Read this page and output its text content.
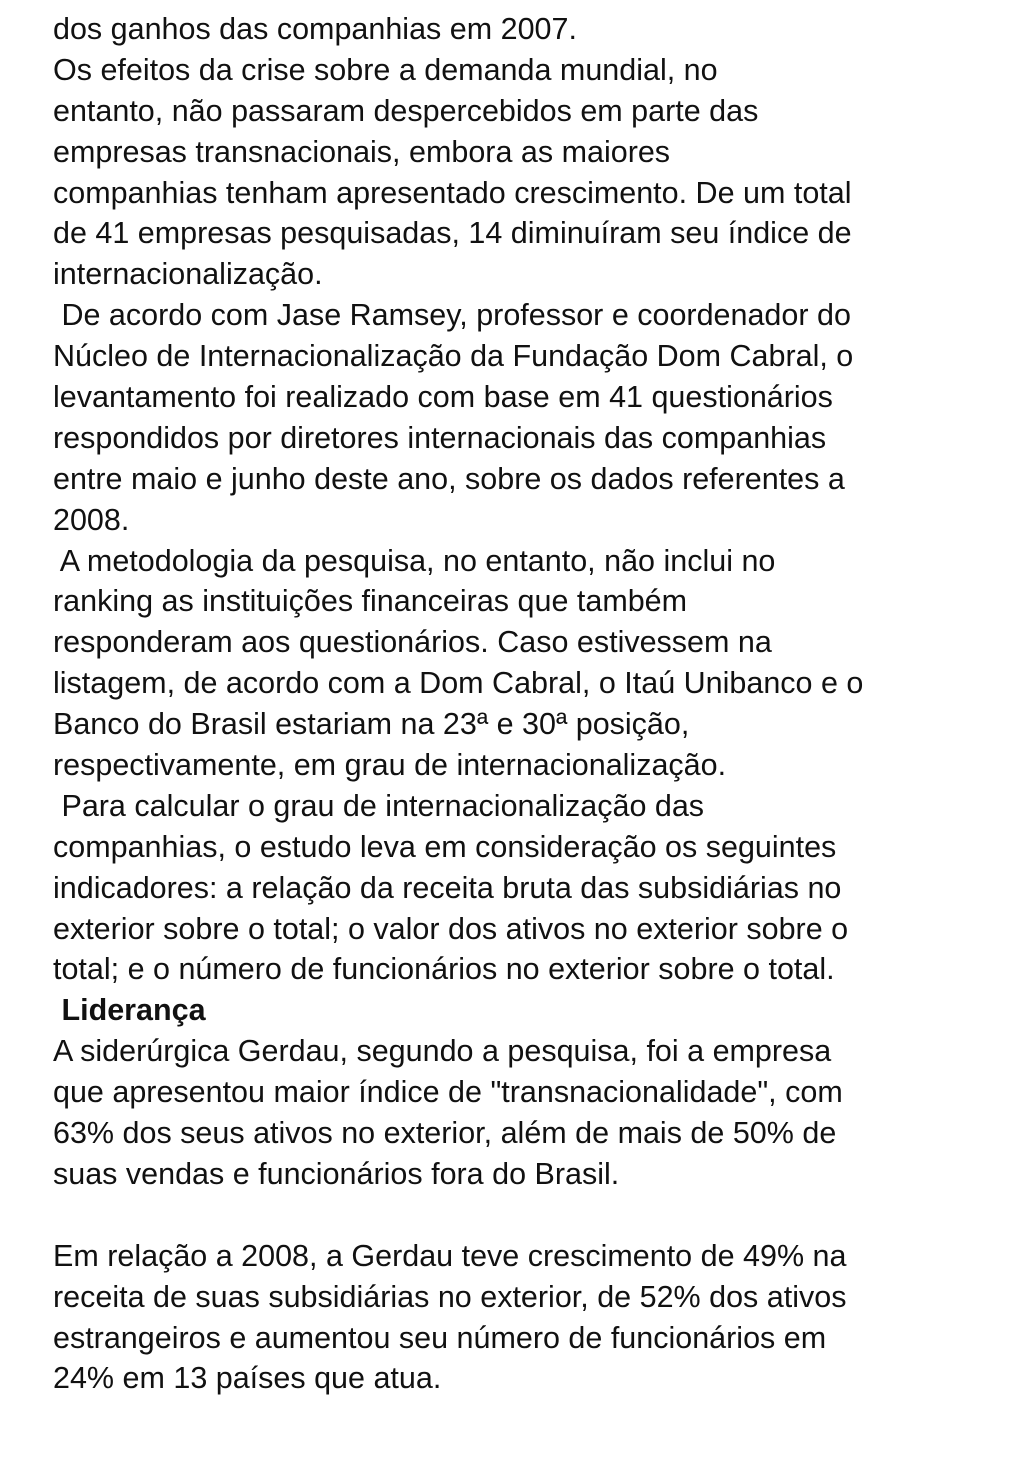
dos ganhos das companhias em 2007.
Os efeitos da crise sobre a demanda mundial, no
entanto, não passaram despercebidos em parte das
empresas transnacionais, embora as maiores
companhias tenham apresentado crescimento. De um total
de 41 empresas pesquisadas, 14 diminuíram seu índice de
internacionalização.
De acordo com Jase Ramsey, professor e coordenador do
Núcleo de Internacionalização da Fundação Dom Cabral, o
levantamento foi realizado com base em 41 questionários
respondidos por diretores internacionais das companhias
entre maio e junho deste ano, sobre os dados referentes a
2008.
A metodologia da pesquisa, no entanto, não inclui no
ranking as instituições financeiras que também
responderam aos questionários. Caso estivessem na
listagem, de acordo com a Dom Cabral, o Itaú Unibanco e o
Banco do Brasil estariam na 23ª e 30ª posição,
respectivamente, em grau de internacionalização.
Para calcular o grau de internacionalização das
companhias, o estudo leva em consideração os seguintes
indicadores: a relação da receita bruta das subsidiárias no
exterior sobre o total; o valor dos ativos no exterior sobre o
total; e o número de funcionários no exterior sobre o total.
Liderança
A siderúrgica Gerdau, segundo a pesquisa, foi a empresa
que apresentou maior índice de "transnacionalidade", com
63% dos seus ativos no exterior, além de mais de 50% de
suas vendas e funcionários fora do Brasil.
Em relação a 2008, a Gerdau teve crescimento de 49% na
receita de suas subsidiárias no exterior, de 52% dos ativos
estrangeiros e aumentou seu número de funcionários em
24% em 13 países que atua.
